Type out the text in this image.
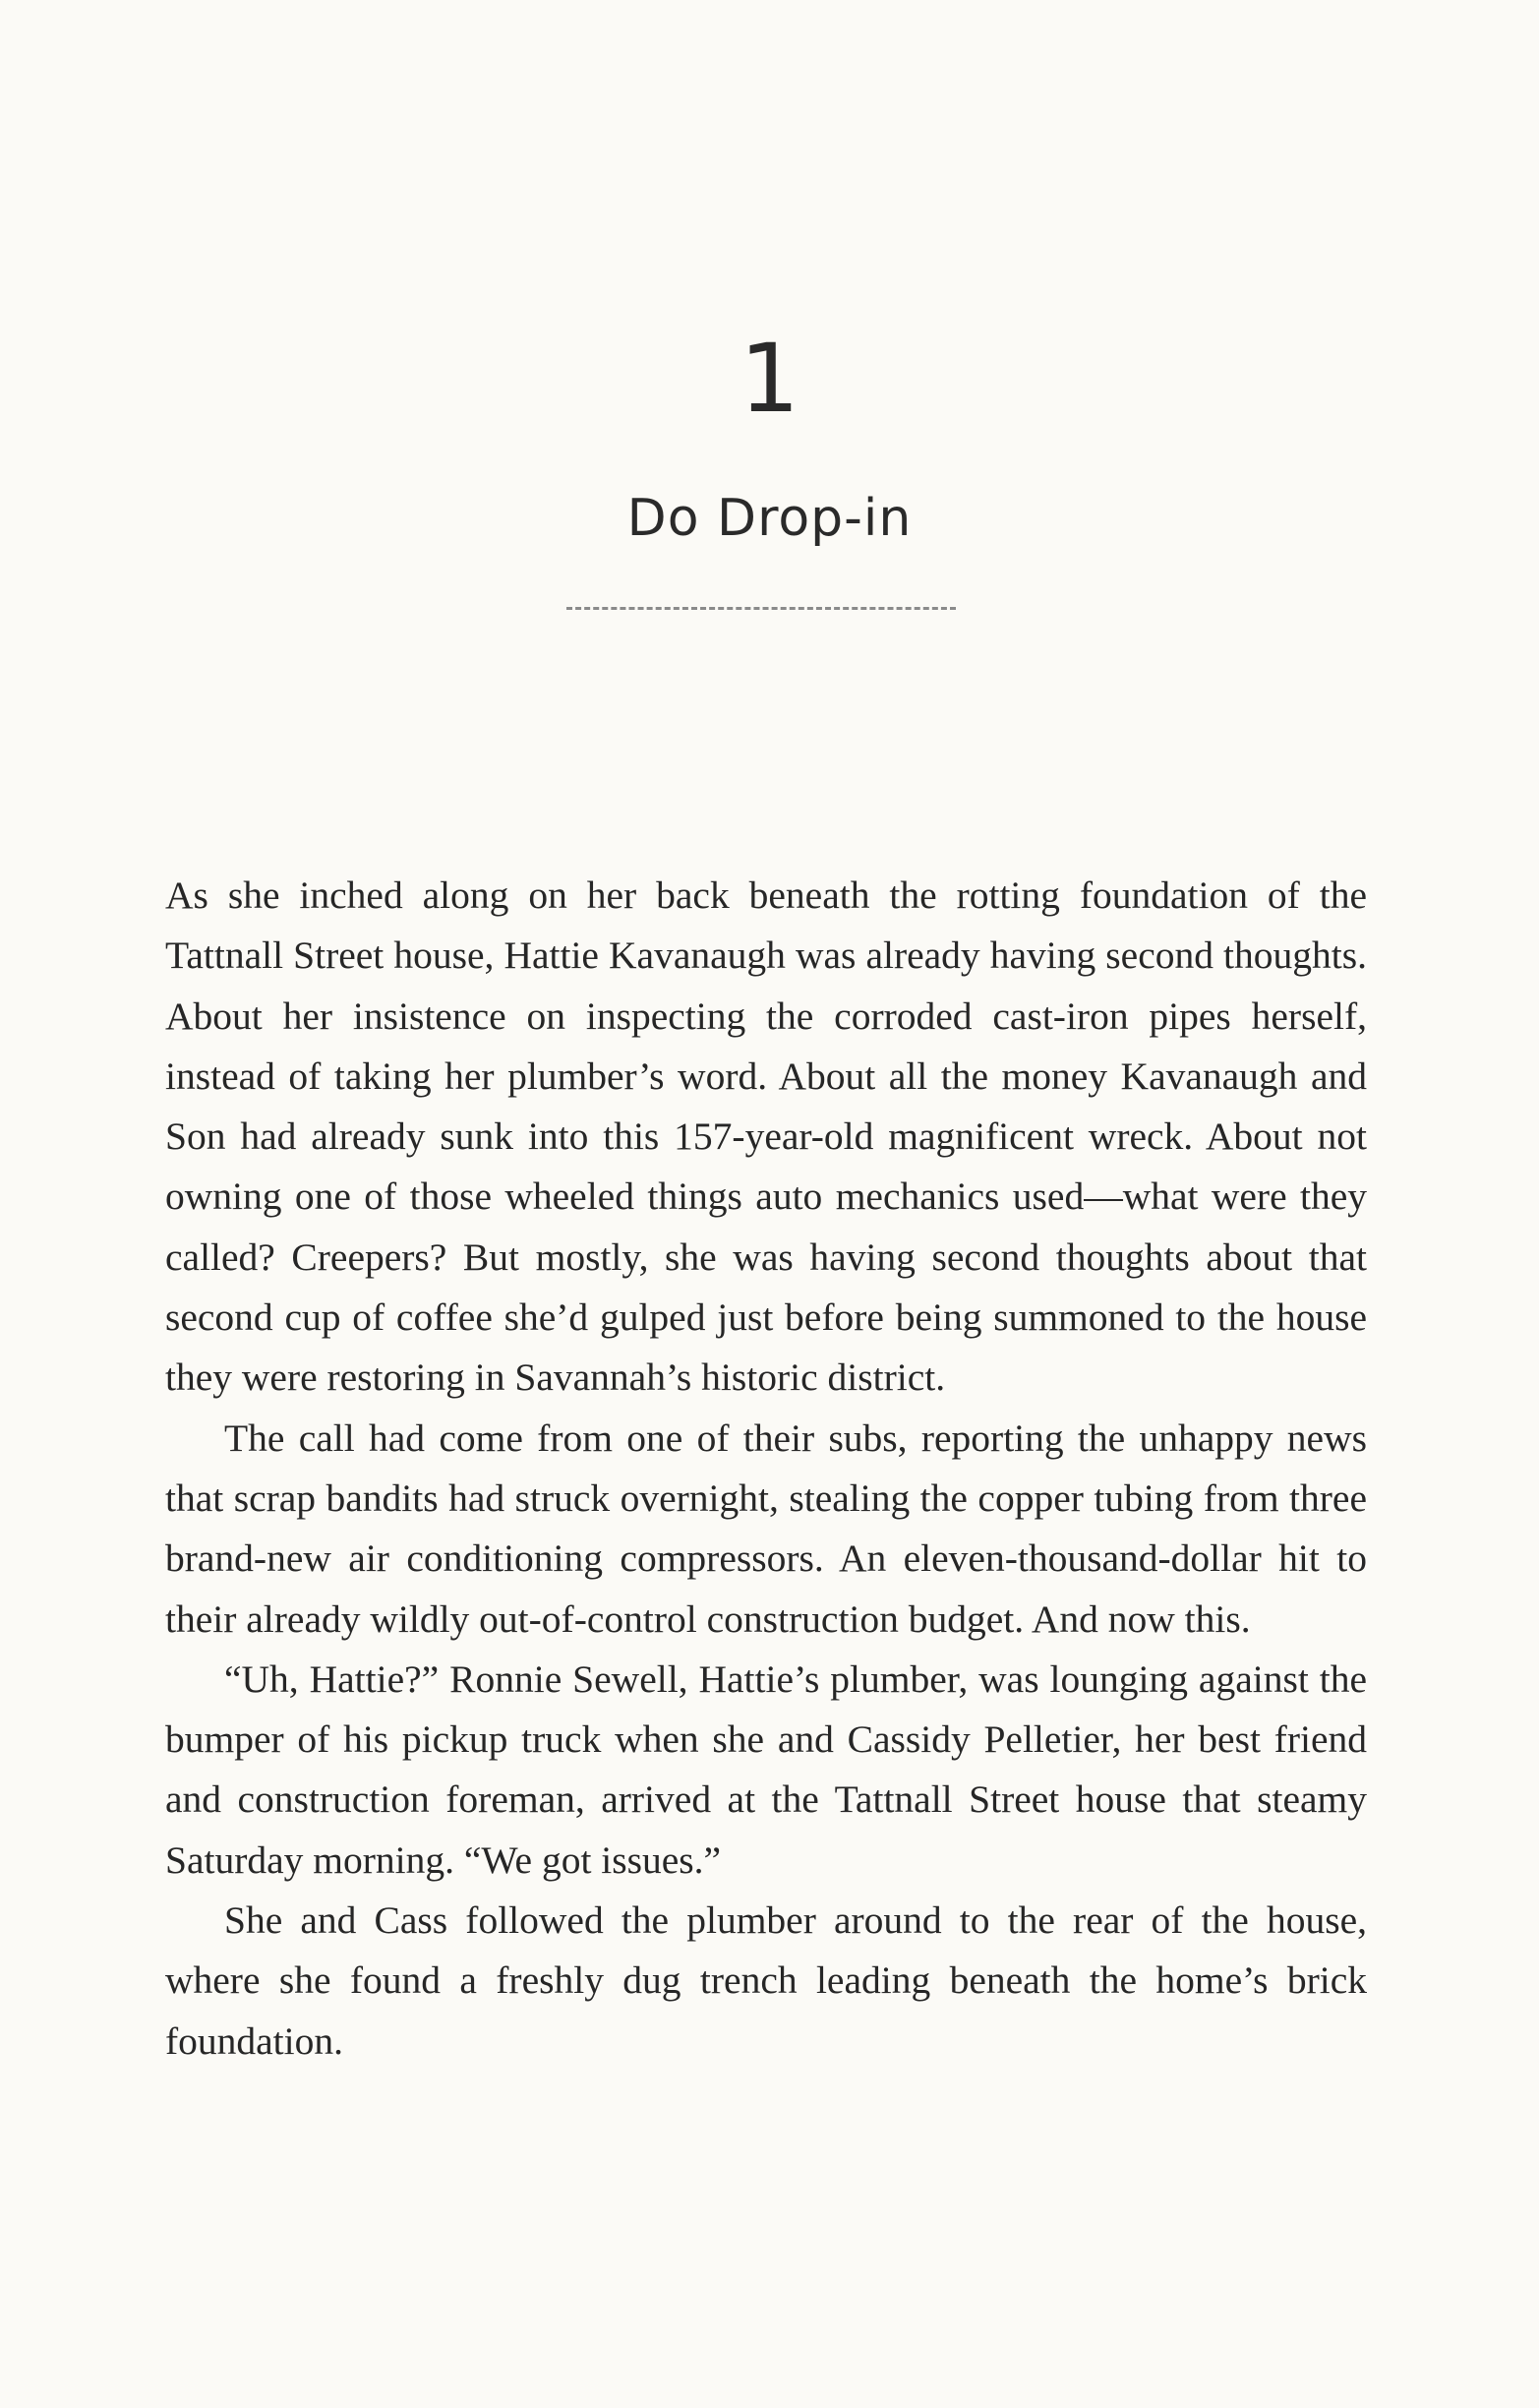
1
Do Drop-in

As she inched along on her back beneath the rotting foundation of the Tattnall Street house, Hattie Kavanaugh was already having second thoughts. About her insistence on inspecting the corroded cast-iron pipes herself, instead of taking her plumber’s word. About all the money Kavanaugh and Son had already sunk into this 157-year-old magnificent wreck. About not owning one of those wheeled things auto mechanics used—what were they called? Creepers? But mostly, she was having second thoughts about that second cup of coffee she’d gulped just before being summoned to the house they were restoring in Savannah’s historic district.

The call had come from one of their subs, reporting the unhappy news that scrap bandits had struck overnight, stealing the copper tubing from three brand-new air conditioning compressors. An eleven-thousand-dollar hit to their already wildly out-of-control construction budget. And now this.

“Uh, Hattie?” Ronnie Sewell, Hattie’s plumber, was lounging against the bumper of his pickup truck when she and Cassidy Pelletier, her best friend and construction foreman, arrived at the Tattnall Street house that steamy Saturday morning. “We got issues.”

She and Cass followed the plumber around to the rear of the house, where she found a freshly dug trench leading beneath the home’s brick foundation.
